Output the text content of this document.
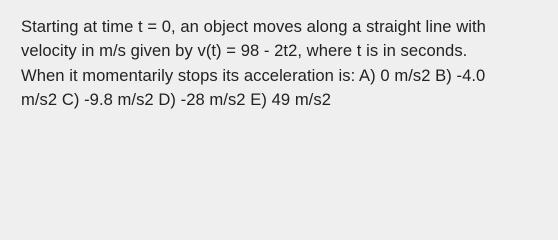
Starting at time t = 0, an object moves along a straight line with
velocity in m/s given by v(t) = 98 - 2t2, where t is in seconds.
When it momentarily stops its acceleration is: A) 0 m/s2 B) -4.0
m/s2 C) -9.8 m/s2 D) -28 m/s2 E) 49 m/s2
